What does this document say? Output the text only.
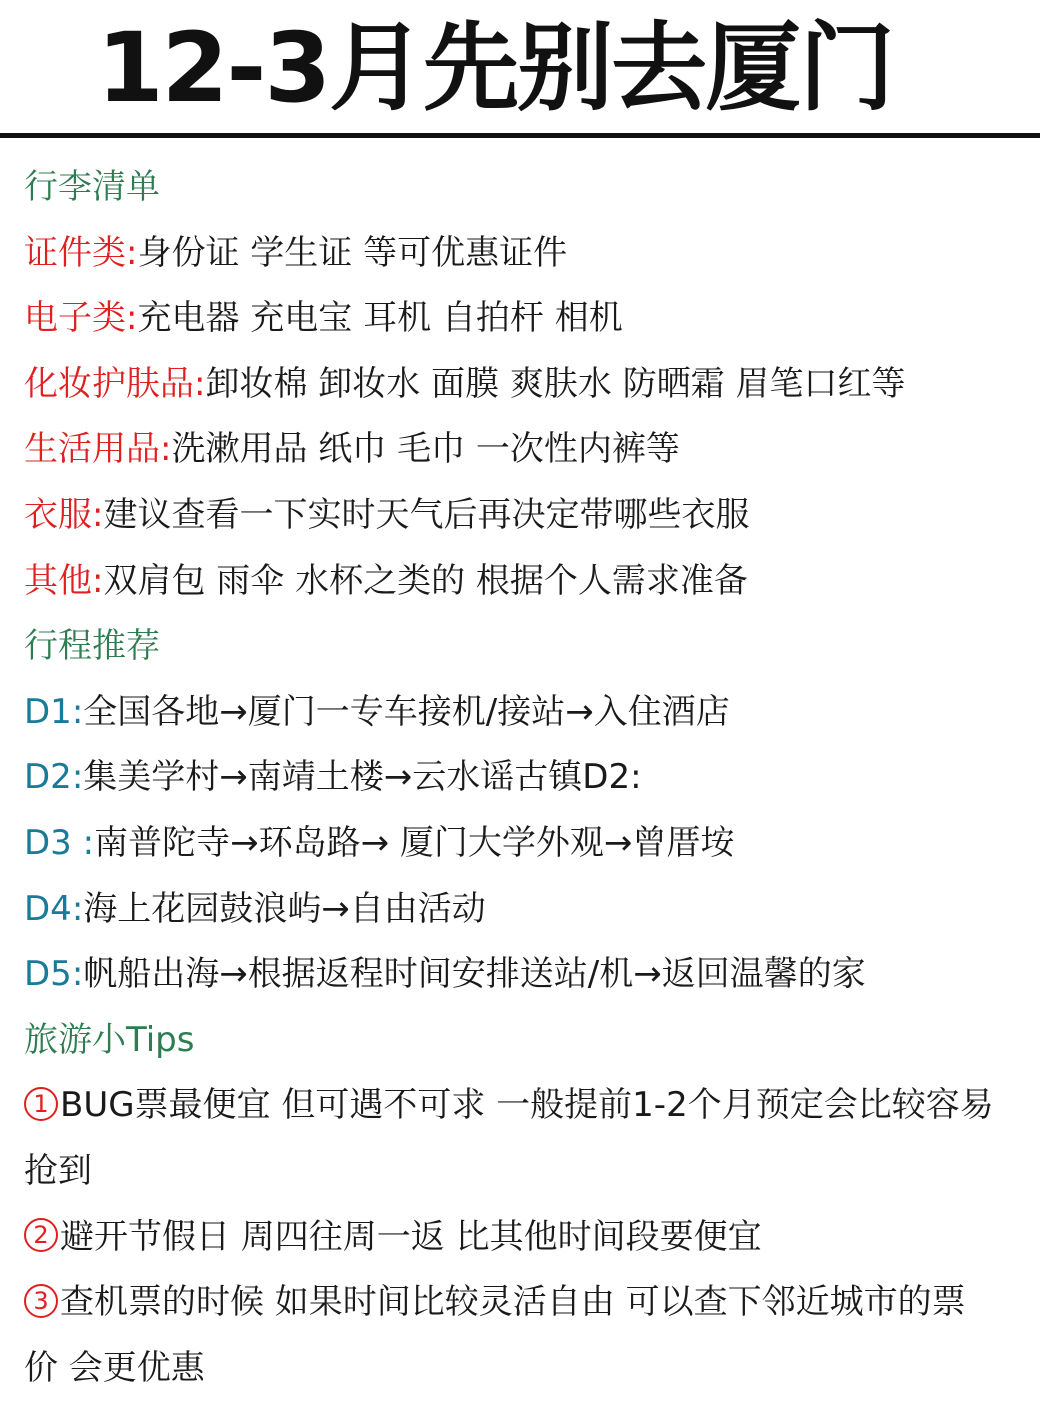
12-3月先别去厦门
行李清单
证件类:身份证 学生证 等可优惠证件
电子类:充电器 充电宝 耳机 自拍杆 相机
化妆护肤品:卸妆棉 卸妆水 面膜 爽肤水 防晒霜 眉笔口红等
生活用品:洗漱用品 纸巾 毛巾 一次性内裤等
衣服:建议查看一下实时天气后再决定带哪些衣服
其他:双肩包 雨伞 水杯之类的 根据个人需求准备
行程推荐
D1:全国各地→厦门一专车接机/接站→入住酒店
D2:集美学村→南靖土楼→云水谣古镇D2:
D3 :南普陀寺→环岛路→ 厦门大学外观→曾厝垵
D4:海上花园鼓浪屿→自由活动
D5:帆船出海→根据返程时间安排送站/机→返回温馨的家
旅游小Tips
1 BUG票最便宜 但可遇不可求 一般提前1-2个月预定会比较容易
抢到
2 避开节假日 周四往周一返 比其他时间段要便宜
3 查机票的时候 如果时间比较灵活自由 可以查下邻近城市的票
价 会更优惠
